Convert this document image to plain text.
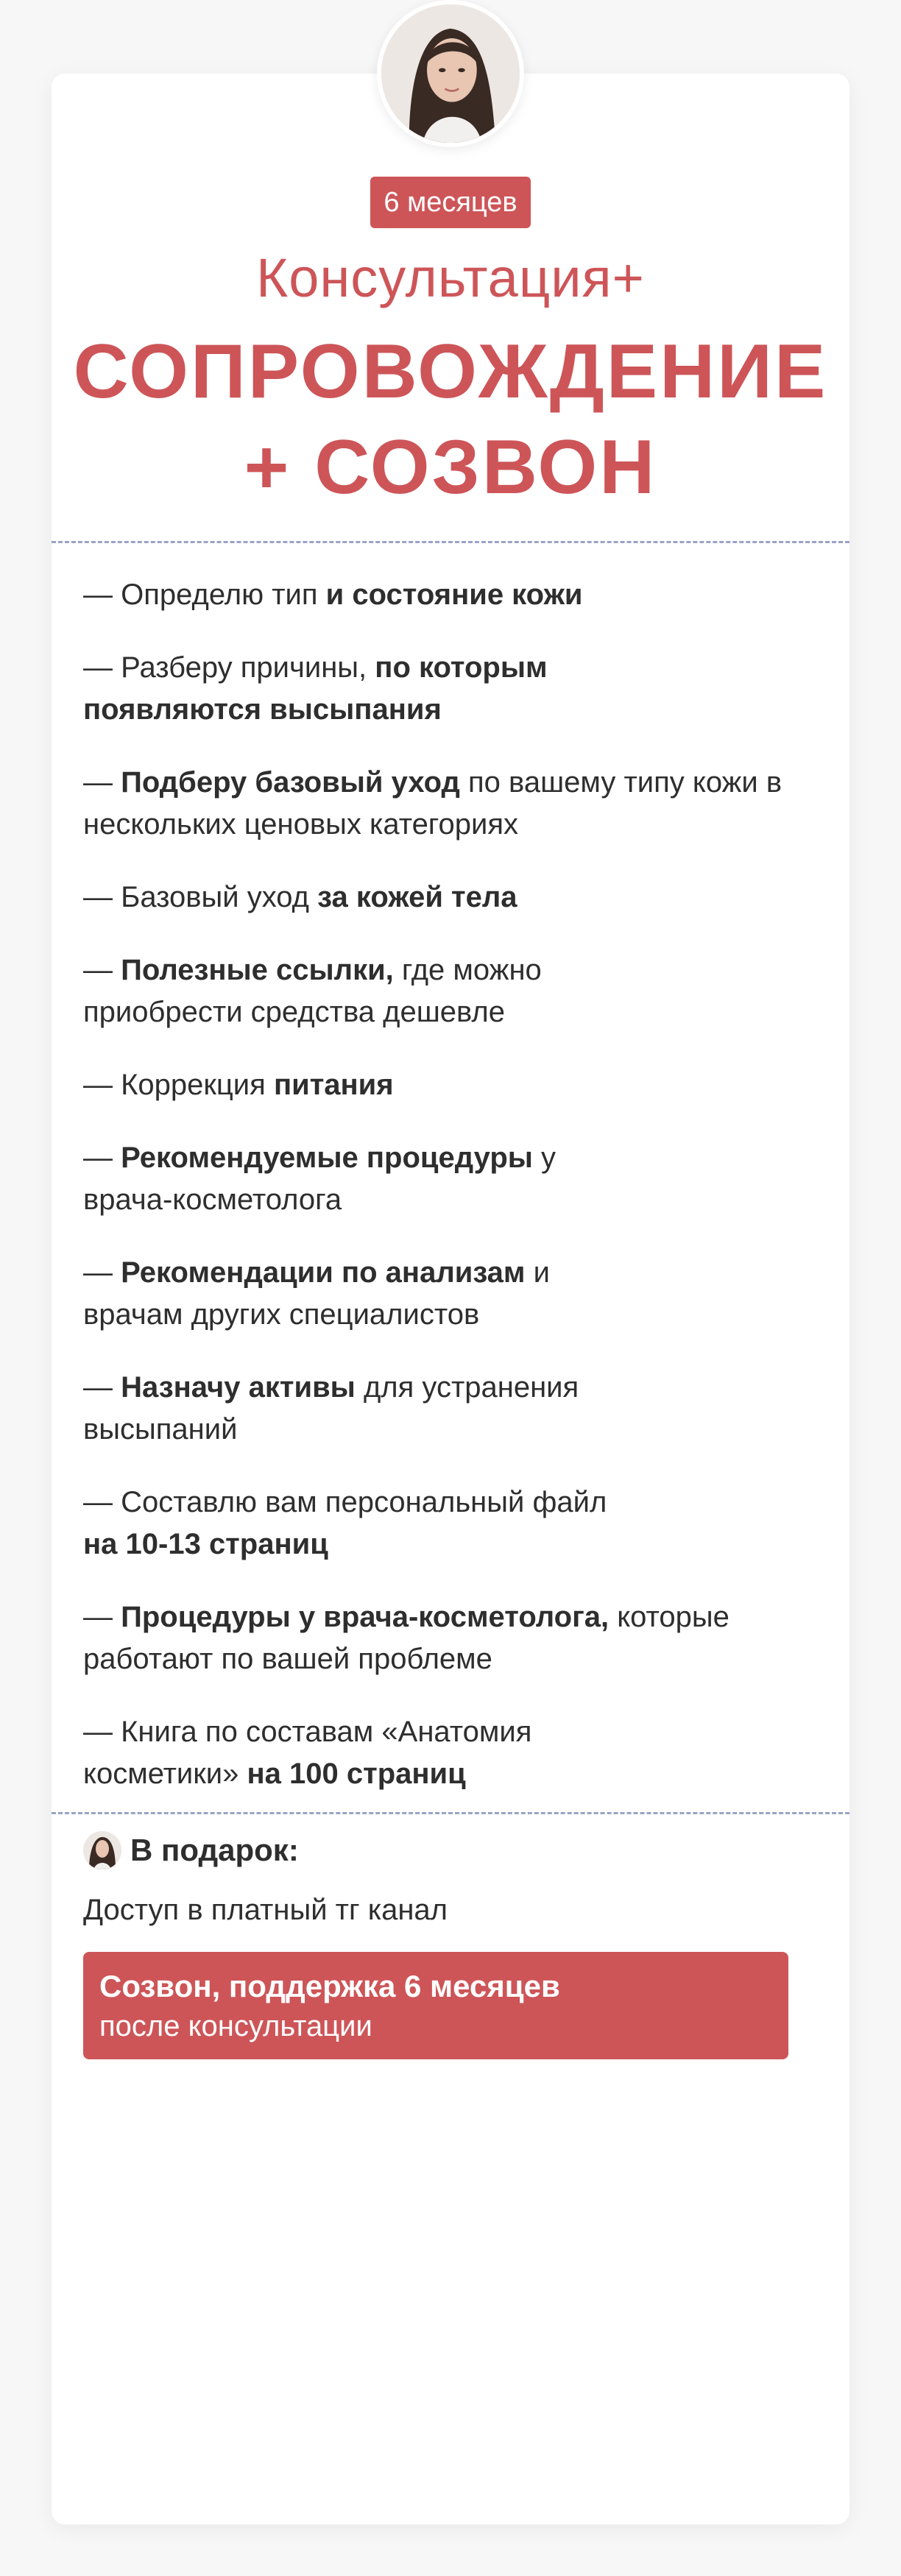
6 месяцев
Консультация+
СОПРОВОЖДЕНИЕ
+ СОЗВОН
— Определю тип и состояние кожи
— Разберу причины, по которым появляются высыпания
— Подберу базовый уход по вашему типу кожи в нескольких ценовых категориях
— Базовый уход за кожей тела
— Полезные ссылки, где можно приобрести средства дешевле
— Коррекция питания
— Рекомендуемые процедуры у врача-косметолога
— Рекомендации по анализам и врачам других специалистов
— Назначу активы для устранения высыпаний
— Составлю вам персональный файл на 10-13 страниц
— Процедуры у врача-косметолога, которые работают по вашей проблеме
— Книга по составам «Анатомия косметики» на 100 страниц
В подарок:
Доступ в платный тг канал
Созвон, поддержка 6 месяцев
после консультации
